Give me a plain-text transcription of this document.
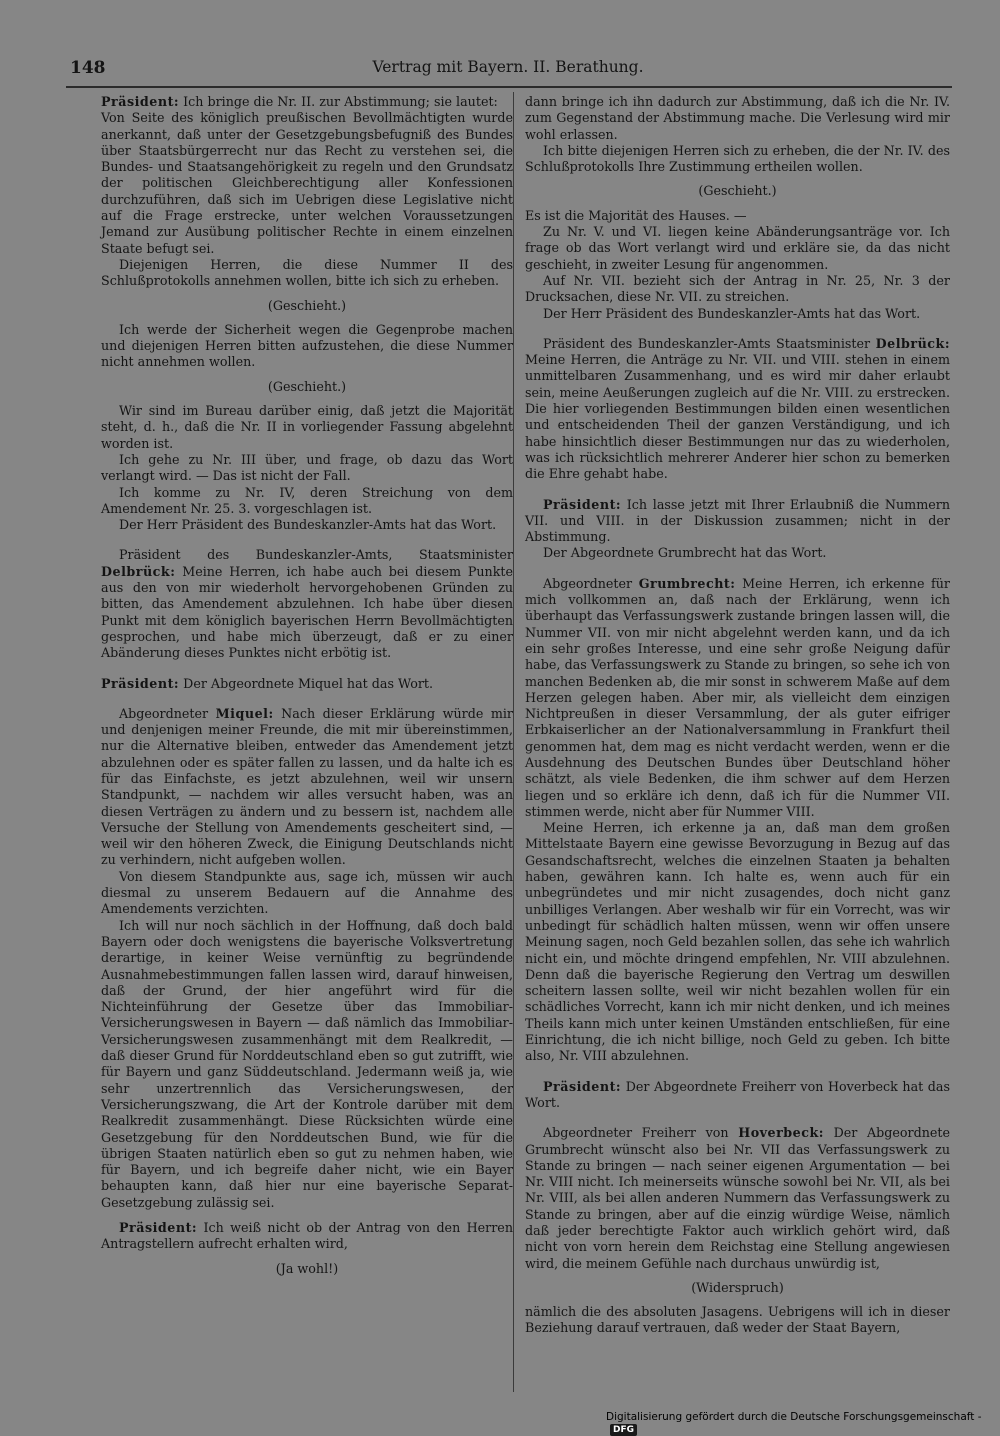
148	Vertrag mit Bayern. II. Berathung.

Präsident: Ich bringe die Nr. II. zur Abstimmung; sie lautet:

Von Seite des königlich preußischen Bevollmächtigten wurde anerkannt, daß unter der Gesetzgebungsbefugniß des Bundes über Staatsbürgerrecht nur das Recht zu verstehen sei, die Bundes- und Staatsangehörigkeit zu regeln und den Grundsatz der politischen Gleichberechtigung aller Konfessionen durchzuführen, daß sich im Uebrigen diese Legislative nicht auf die Frage erstrecke, unter welchen Voraussetzungen Jemand zur Ausübung politischer Rechte in einem einzelnen Staate befugt sei.

Diejenigen Herren, die diese Nummer II des Schlußprotokolls annehmen wollen, bitte ich sich zu erheben.

(Geschieht.)

Ich werde der Sicherheit wegen die Gegenprobe machen und diejenigen Herren bitten aufzustehen, die diese Nummer nicht annehmen wollen.

(Geschieht.)

Wir sind im Bureau darüber einig, daß jetzt die Majorität steht, d. h., daß die Nr. II in vorliegender Fassung abgelehnt worden ist.

Ich gehe zu Nr. III über, und frage, ob dazu das Wort verlangt wird. — Das ist nicht der Fall.

Ich komme zu Nr. IV, deren Streichung von dem Amendement Nr. 25. 3. vorgeschlagen ist.

Der Herr Präsident des Bundeskanzler-Amts hat das Wort.

Präsident des Bundeskanzler-Amts, Staatsminister Delbrück: Meine Herren, ich habe auch bei diesem Punkte aus den von mir wiederholt hervorgehobenen Gründen zu bitten, das Amendement abzulehnen. Ich habe über diesen Punkt mit dem königlich bayerischen Herrn Bevollmächtigten gesprochen, und habe mich überzeugt, daß er zu einer Abänderung dieses Punktes nicht erbötig ist.

Präsident: Der Abgeordnete Miquel hat das Wort.

Abgeordneter Miquel: Nach dieser Erklärung würde mir und denjenigen meiner Freunde, die mit mir übereinstimmen, nur die Alternative bleiben, entweder das Amendement jetzt abzulehnen oder es später fallen zu lassen, und da halte ich es für das Einfachste, es jetzt abzulehnen, weil wir unsern Standpunkt, — nachdem wir alles versucht haben, was an diesen Verträgen zu ändern und zu bessern ist, nachdem alle Versuche der Stellung von Amendements gescheitert sind, — weil wir den höheren Zweck, die Einigung Deutschlands nicht zu verhindern, nicht aufgeben wollen.

Von diesem Standpunkte aus, sage ich, müssen wir auch diesmal zu unserem Bedauern auf die Annahme des Amendements verzichten.

Ich will nur noch sächlich in der Hoffnung, daß doch bald Bayern oder doch wenigstens die bayerische Volksvertretung derartige, in keiner Weise vernünftig zu begründende Ausnahmebestimmungen fallen lassen wird, darauf hinweisen, daß der Grund, der hier angeführt wird für die Nichteinführung der Gesetze über das Immobiliar-Versicherungswesen in Bayern — daß nämlich das Immobiliar-Versicherungswesen zusammenhängt mit dem Realkredit, — daß dieser Grund für Norddeutschland eben so gut zutrifft, wie für Bayern und ganz Süddeutschland. Jedermann weiß ja, wie sehr unzertrennlich das Versicherungswesen, der Versicherungszwang, die Art der Kontrole darüber mit dem Realkredit zusammenhängt. Diese Rücksichten würde eine Gesetzgebung für den Norddeutschen Bund, wie für die übrigen Staaten natürlich eben so gut zu nehmen haben, wie für Bayern, und ich begreife daher nicht, wie ein Bayer behaupten kann, daß hier nur eine bayerische Separat-Gesetzgebung zulässig sei.

Präsident: Ich weiß nicht ob der Antrag von den Herren Antragstellern aufrecht erhalten wird,

(Ja wohl!)

dann bringe ich ihn dadurch zur Abstimmung, daß ich die Nr. IV. zum Gegenstand der Abstimmung mache. Die Verlesung wird mir wohl erlassen.

Ich bitte diejenigen Herren sich zu erheben, die der Nr. IV. des Schlußprotokolls Ihre Zustimmung ertheilen wollen.

(Geschieht.)

Es ist die Majorität des Hauses. —

Zu Nr. V. und VI. liegen keine Abänderungsanträge vor. Ich frage ob das Wort verlangt wird und erkläre sie, da das nicht geschieht, in zweiter Lesung für angenommen.

Auf Nr. VII. bezieht sich der Antrag in Nr. 25, Nr. 3 der Drucksachen, diese Nr. VII. zu streichen.

Der Herr Präsident des Bundeskanzler-Amts hat das Wort.

Präsident des Bundeskanzler-Amts Staatsminister Delbrück: Meine Herren, die Anträge zu Nr. VII. und VIII. stehen in einem unmittelbaren Zusammenhang, und es wird mir daher erlaubt sein, meine Aeußerungen zugleich auf die Nr. VIII. zu erstrecken. Die hier vorliegenden Bestimmungen bilden einen wesentlichen und entscheidenden Theil der ganzen Verständigung, und ich habe hinsichtlich dieser Bestimmungen nur das zu wiederholen, was ich rücksichtlich mehrerer Anderer hier schon zu bemerken die Ehre gehabt habe.

Präsident: Ich lasse jetzt mit Ihrer Erlaubniß die Nummern VII. und VIII. in der Diskussion zusammen; nicht in der Abstimmung.

Der Abgeordnete Grumbrecht hat das Wort.

Abgeordneter Grumbrecht: Meine Herren, ich erkenne für mich vollkommen an, daß nach der Erklärung, wenn ich überhaupt das Verfassungswerk zustande bringen lassen will, die Nummer VII. von mir nicht abgelehnt werden kann, und da ich ein sehr großes Interesse, und eine sehr große Neigung dafür habe, das Verfassungswerk zu Stande zu bringen, so sehe ich von manchen Bedenken ab, die mir sonst in schwerem Maße auf dem Herzen gelegen haben. Aber mir, als vielleicht dem einzigen Nichtpreußen in dieser Versammlung, der als guter eifriger Erbkaiserlicher an der Nationalversammlung in Frankfurt theil genommen hat, dem mag es nicht verdacht werden, wenn er die Ausdehnung des Deutschen Bundes über Deutschland höher schätzt, als viele Bedenken, die ihm schwer auf dem Herzen liegen und so erkläre ich denn, daß ich für die Nummer VII. stimmen werde, nicht aber für Nummer VIII.

Meine Herren, ich erkenne ja an, daß man dem großen Mittelstaate Bayern eine gewisse Bevorzugung in Bezug auf das Gesandschaftsrecht, welches die einzelnen Staaten ja behalten haben, gewähren kann. Ich halte es, wenn auch für ein unbegründetes und mir nicht zusagendes, doch nicht ganz unbilliges Verlangen. Aber weshalb wir für ein Vorrecht, was wir unbedingt für schädlich halten müssen, wenn wir offen unsere Meinung sagen, noch Geld bezahlen sollen, das sehe ich wahrlich nicht ein, und möchte dringend empfehlen, Nr. VIII abzulehnen. Denn daß die bayerische Regierung den Vertrag um deswillen scheitern lassen sollte, weil wir nicht bezahlen wollen für ein schädliches Vorrecht, kann ich mir nicht denken, und ich meines Theils kann mich unter keinen Umständen entschließen, für eine Einrichtung, die ich nicht billige, noch Geld zu geben. Ich bitte also, Nr. VIII abzulehnen.

Präsident: Der Abgeordnete Freiherr von Hoverbeck hat das Wort.

Abgeordneter Freiherr von Hoverbeck: Der Abgeordnete Grumbrecht wünscht also bei Nr. VII das Verfassungswerk zu Stande zu bringen — nach seiner eigenen Argumentation — bei Nr. VIII nicht. Ich meinerseits wünsche sowohl bei Nr. VII, als bei Nr. VIII, als bei allen anderen Nummern das Verfassungswerk zu Stande zu bringen, aber auf die einzig würdige Weise, nämlich daß jeder berechtigte Faktor auch wirklich gehört wird, daß nicht von vorn herein dem Reichstag eine Stellung angewiesen wird, die meinem Gefühle nach durchaus unwürdig ist,

(Widerspruch)

nämlich die des absoluten Jasagens. Uebrigens will ich in dieser Beziehung darauf vertrauen, daß weder der Staat Bayern,

Digitalisierung gefördert durch die Deutsche Forschungsgemeinschaft -DFG
